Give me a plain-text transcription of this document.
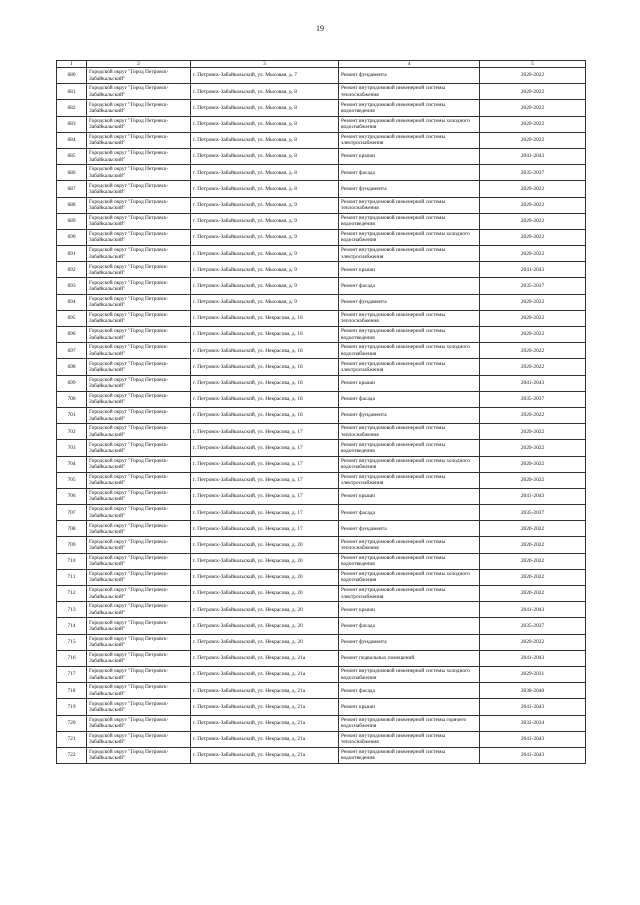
19
1	2	3	4	5
680	Городской округ "Город Петровск-Забайкальский"	г. Петровск-Забайкальский, ул. Мысовая, д. 7	Ремонт фундамента	2020-2022
681	Городской округ "Город Петровск-Забайкальский"	г. Петровск-Забайкальский, ул. Мысовая, д. 8	Ремонт внутридомовой инженерной системы теплоснабжения	2020-2022
682	Городской округ "Город Петровск-Забайкальский"	г. Петровск-Забайкальский, ул. Мысовая, д. 8	Ремонт внутридомовой инженерной системы водоотведения	2020-2022
683	Городской округ "Город Петровск-Забайкальский"	г. Петровск-Забайкальский, ул. Мысовая, д. 8	Ремонт внутридомовой инженерной системы холодного водоснабжения	2020-2022
684	Городской округ "Город Петровск-Забайкальский"	г. Петровск-Забайкальский, ул. Мысовая, д. 8	Ремонт внутридомовой инженерной системы электроснабжения	2020-2022
685	Городской округ "Город Петровск-Забайкальский"	г. Петровск-Забайкальский, ул. Мысовая, д. 8	Ремонт крыши	2041-2043
686	Городской округ "Город Петровск-Забайкальский"	г. Петровск-Забайкальский, ул. Мысовая, д. 8	Ремонт фасада	2035-2037
687	Городской округ "Город Петровск-Забайкальский"	г. Петровск-Забайкальский, ул. Мысовая, д. 8	Ремонт фундамента	2020-2022
688	Городской округ "Город Петровск-Забайкальский"	г. Петровск-Забайкальский, ул. Мысовая, д. 9	Ремонт внутридомовой инженерной системы теплоснабжения	2020-2022
689	Городской округ "Город Петровск-Забайкальский"	г. Петровск-Забайкальский, ул. Мысовая, д. 9	Ремонт внутридомовой инженерной системы водоотведения	2020-2022
690	Городской округ "Город Петровск-Забайкальский"	г. Петровск-Забайкальский, ул. Мысовая, д. 9	Ремонт внутридомовой инженерной системы холодного водоснабжения	2020-2022
691	Городской округ "Город Петровск-Забайкальский"	г. Петровск-Забайкальский, ул. Мысовая, д. 9	Ремонт внутридомовой инженерной системы электроснабжения	2020-2022
692	Городской округ "Город Петровск-Забайкальский"	г. Петровск-Забайкальский, ул. Мысовая, д. 9	Ремонт крыши	2041-2043
693	Городской округ "Город Петровск-Забайкальский"	г. Петровск-Забайкальский, ул. Мысовая, д. 9	Ремонт фасада	2035-2037
694	Городской округ "Город Петровск-Забайкальский"	г. Петровск-Забайкальский, ул. Мысовая, д. 9	Ремонт фундамента	2020-2022
695	Городской округ "Город Петровск-Забайкальский"	г. Петровск-Забайкальский, ул. Некрасова, д. 16	Ремонт внутридомовой инженерной системы теплоснабжения	2020-2022
696	Городской округ "Город Петровск-Забайкальский"	г. Петровск-Забайкальский, ул. Некрасова, д. 16	Ремонт внутридомовой инженерной системы водоотведения	2020-2022
697	Городской округ "Город Петровск-Забайкальский"	г. Петровск-Забайкальский, ул. Некрасова, д. 16	Ремонт внутридомовой инженерной системы холодного водоснабжения	2020-2022
698	Городской округ "Город Петровск-Забайкальский"	г. Петровск-Забайкальский, ул. Некрасова, д. 16	Ремонт внутридомовой инженерной системы электроснабжения	2020-2022
699	Городской округ "Город Петровск-Забайкальский"	г. Петровск-Забайкальский, ул. Некрасова, д. 16	Ремонт крыши	2041-2043
700	Городской округ "Город Петровск-Забайкальский"	г. Петровск-Забайкальский, ул. Некрасова, д. 16	Ремонт фасада	2035-2037
701	Городской округ "Город Петровск-Забайкальский"	г. Петровск-Забайкальский, ул. Некрасова, д. 16	Ремонт фундамента	2020-2022
702	Городской округ "Город Петровск-Забайкальский"	г. Петровск-Забайкальский, ул. Некрасова, д. 17	Ремонт внутридомовой инженерной системы теплоснабжения	2020-2022
703	Городской округ "Город Петровск-Забайкальский"	г. Петровск-Забайкальский, ул. Некрасова, д. 17	Ремонт внутридомовой инженерной системы водоотведения	2020-2022
704	Городской округ "Город Петровск-Забайкальский"	г. Петровск-Забайкальский, ул. Некрасова, д. 17	Ремонт внутридомовой инженерной системы холодного водоснабжения	2020-2022
705	Городской округ "Город Петровск-Забайкальский"	г. Петровск-Забайкальский, ул. Некрасова, д. 17	Ремонт внутридомовой инженерной системы электроснабжения	2020-2022
706	Городской округ "Город Петровск-Забайкальский"	г. Петровск-Забайкальский, ул. Некрасова, д. 17	Ремонт крыши	2041-2043
707	Городской округ "Город Петровск-Забайкальский"	г. Петровск-Забайкальский, ул. Некрасова, д. 17	Ремонт фасада	2035-2037
708	Городской округ "Город Петровск-Забайкальский"	г. Петровск-Забайкальский, ул. Некрасова, д. 17	Ремонт фундамента	2020-2022
709	Городской округ "Город Петровск-Забайкальский"	г. Петровск-Забайкальский, ул. Некрасова, д. 20	Ремонт внутридомовой инженерной системы теплоснабжения	2020-2022
710	Городской округ "Город Петровск-Забайкальский"	г. Петровск-Забайкальский, ул. Некрасова, д. 20	Ремонт внутридомовой инженерной системы водоотведения	2020-2022
711	Городской округ "Город Петровск-Забайкальский"	г. Петровск-Забайкальский, ул. Некрасова, д. 20	Ремонт внутридомовой инженерной системы холодного водоснабжения	2020-2022
712	Городской округ "Город Петровск-Забайкальский"	г. Петровск-Забайкальский, ул. Некрасова, д. 20	Ремонт внутридомовой инженерной системы электроснабжения	2020-2022
713	Городской округ "Город Петровск-Забайкальский"	г. Петровск-Забайкальский, ул. Некрасова, д. 20	Ремонт крыши	2041-2043
714	Городской округ "Город Петровск-Забайкальский"	г. Петровск-Забайкальский, ул. Некрасова, д. 20	Ремонт фасада	2035-2037
715	Городской округ "Город Петровск-Забайкальский"	г. Петровск-Забайкальский, ул. Некрасова, д. 20	Ремонт фундамента	2020-2022
716	Городской округ "Город Петровск-Забайкальский"	г. Петровск-Забайкальский, ул. Некрасова, д. 21а	Ремонт подвальных помещений	2041-2043
717	Городской округ "Город Петровск-Забайкальский"	г. Петровск-Забайкальский, ул. Некрасова, д. 21а	Ремонт внутридомовой инженерной системы холодного водоснабжения	2029-2031
718	Городской округ "Город Петровск-Забайкальский"	г. Петровск-Забайкальский, ул. Некрасова, д. 21а	Ремонт фасада	2038-2040
719	Городской округ "Город Петровск-Забайкальский"	г. Петровск-Забайкальский, ул. Некрасова, д. 21а	Ремонт крыши	2041-2043
720	Городской округ "Город Петровск-Забайкальский"	г. Петровск-Забайкальский, ул. Некрасова, д. 21а	Ремонт внутридомовой инженерной системы горячего водоснабжения	2032-2034
721	Городской округ "Город Петровск-Забайкальский"	г. Петровск-Забайкальский, ул. Некрасова, д. 21а	Ремонт внутридомовой инженерной системы теплоснабжения	2041-2043
722	Городской округ "Город Петровск-Забайкальский"	г. Петровск-Забайкальский, ул. Некрасова, д. 21а	Ремонт внутридомовой инженерной системы водоотведения	2041-2043
